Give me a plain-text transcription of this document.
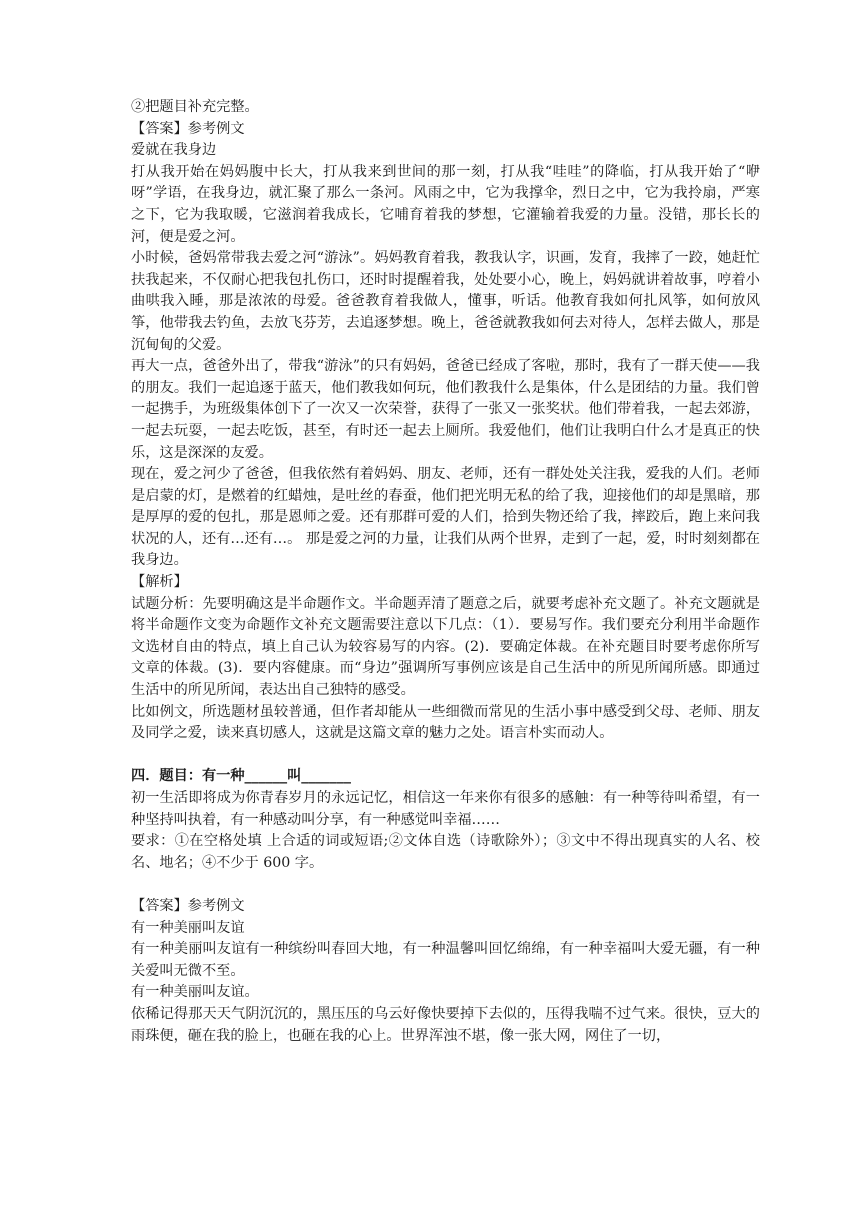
②把题目补充完整。

【答案】参考例文

爱就在我身边

打从我开始在妈妈腹中长大，打从我来到世间的那一刻，打从我“哇哇”的降临，打从我开始了“咿呀”学语，在我身边，就汇聚了那么一条河。风雨之中，它为我撑伞，烈日之中，它为我拎扇，严寒之下，它为我取暖，它滋润着我成长，它哺育着我的梦想，它灌输着我爱的力量。没错，那长长的河，便是爱之河。

小时候，爸妈常带我去爱之河“游泳”。妈妈教育着我，教我认字，识画，发育，我摔了一跤，她赶忙扶我起来，不仅耐心把我包扎伤口，还时时提醒着我，处处要小心，晚上，妈妈就讲着故事，哼着小曲哄我入睡，那是浓浓的母爱。爸爸教育着我做人，懂事，听话。他教育我如何扎风筝，如何放风筝，他带我去钓鱼，去放飞芬芳，去追逐梦想。晚上，爸爸就教我如何去对待人，怎样去做人，那是沉甸甸的父爱。

再大一点，爸爸外出了，带我“游泳”的只有妈妈，爸爸已经成了客啦，那时，我有了一群天使——我的朋友。我们一起追逐于蓝天，他们教我如何玩，他们教我什么是集体，什么是团结的力量。我们曾一起携手，为班级集体创下了一次又一次荣誉，获得了一张又一张奖状。他们带着我，一起去郊游，一起去玩耍，一起去吃饭，甚至，有时还一起去上厕所。我爱他们，他们让我明白什么才是真正的快乐，这是深深的友爱。

现在，爱之河少了爸爸，但我依然有着妈妈、朋友、老师，还有一群处处关注我，爱我的人们。老师是启蒙的灯，是燃着的红蜡烛，是吐丝的春蚕，他们把光明无私的给了我，迎接他们的却是黑暗，那是厚厚的爱的包扎，那是恩师之爱。还有那群可爱的人们，拾到失物还给了我，摔跤后，跑上来问我状况的人，还有…还有…。 那是爱之河的力量，让我们从两个世界，走到了一起，爱，时时刻刻都在我身边。

【解析】

试题分析：先要明确这是半命题作文。半命题弄清了题意之后，就要考虑补充文题了。补充文题就是将半命题作文变为命题作文补充文题需要注意以下几点：（1）．要易写作。我们要充分利用半命题作文选材自由的特点，填上自己认为较容易写的内容。(2)．要确定体裁。在补充题目时要考虑你所写文章的体裁。(3)．要内容健康。而“身边”强调所写事例应该是自己生活中的所见所闻所感。即通过生活中的所见所闻，表达出自己独特的感受。

比如例文，所选题材虽较普通，但作者却能从一些细微而常见的生活小事中感受到父母、老师、朋友及同学之爱，读来真切感人，这就是这篇文章的魅力之处。语言朴实而动人。

四．题目：有一种______叫_______

初一生活即将成为你青春岁月的永远记忆，相信这一年来你有很多的感触：有一种等待叫希望，有一种坚持叫执着，有一种感动叫分享，有一种感觉叫幸福……

要求：①在空格处填 上合适的词或短语;②文体自选（诗歌除外）；③文中不得出现真实的人名、校名、地名；④不少于 600 字。

【答案】参考例文

有一种美丽叫友谊

有一种美丽叫友谊有一种缤纷叫春回大地，有一种温馨叫回忆绵绵，有一种幸福叫大爱无疆，有一种关爱叫无微不至。

有一种美丽叫友谊。

依稀记得那天天气阴沉沉的，黑压压的乌云好像快要掉下去似的，压得我喘不过气来。很快，豆大的雨珠便，砸在我的脸上，也砸在我的心上。世界浑浊不堪，像一张大网，网住了一切，
